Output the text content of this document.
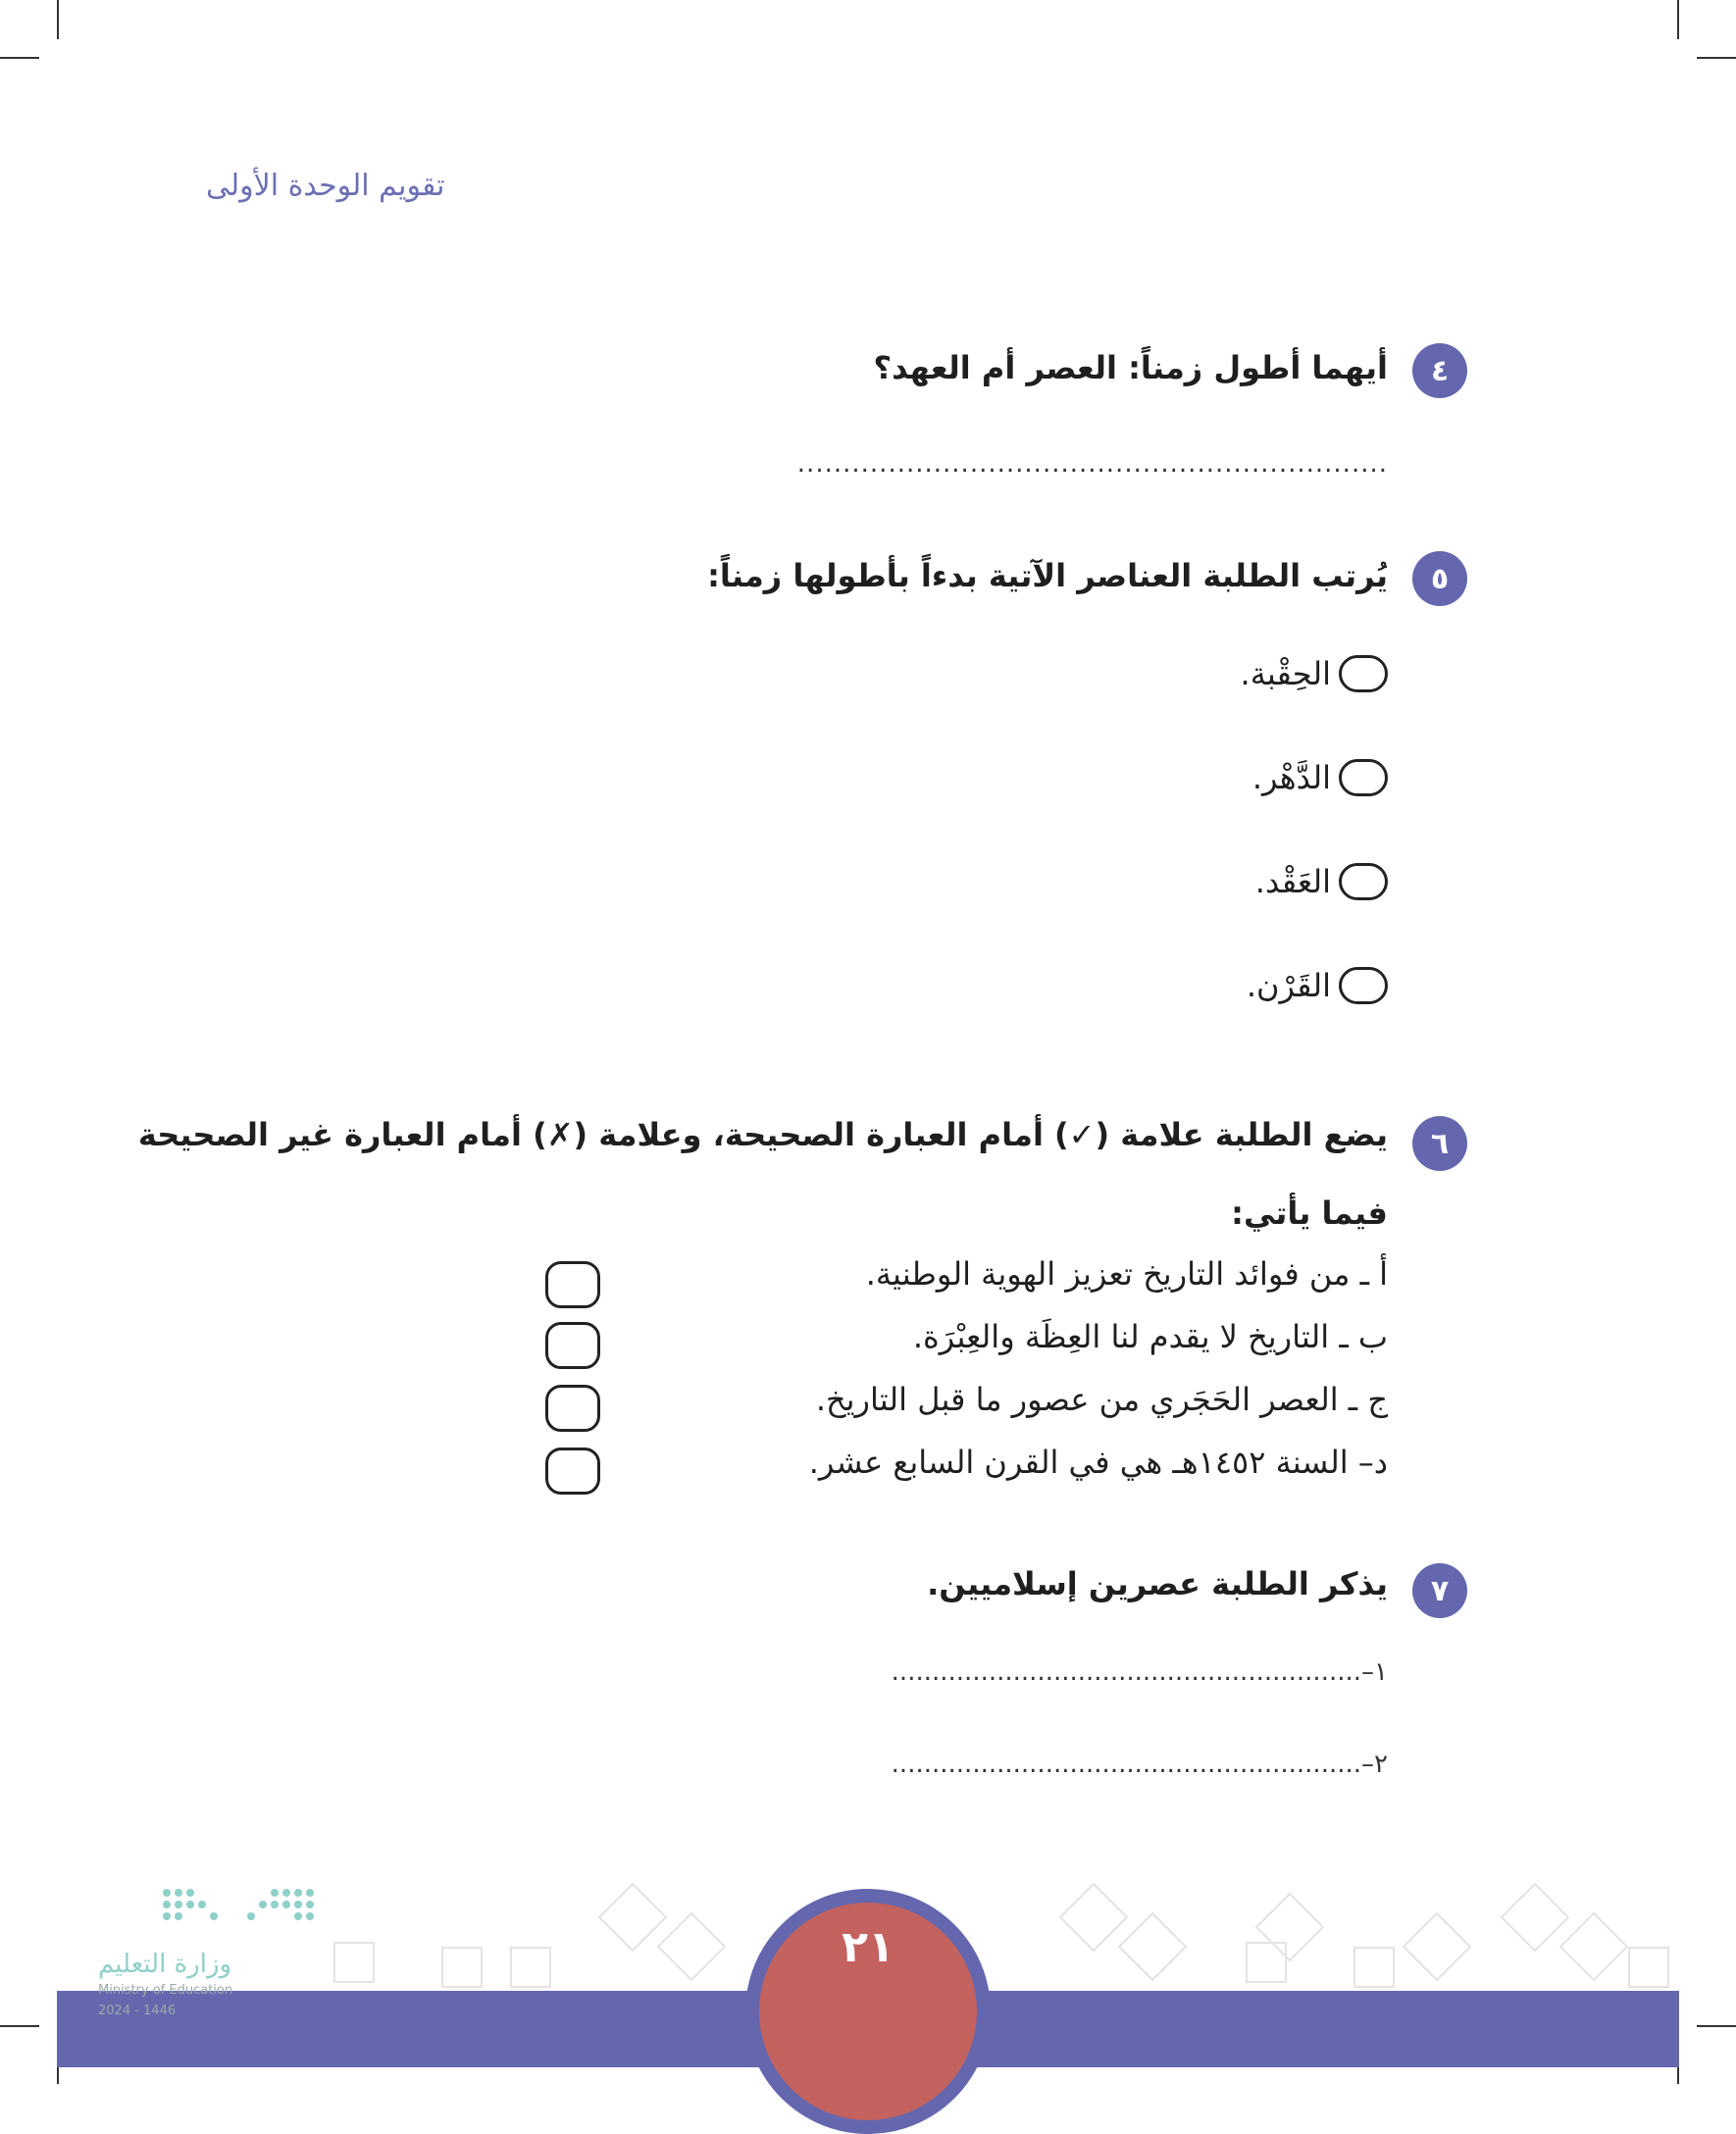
تقويم الوحدة الأولى
٤
أيهما أطول زمناً: العصر أم العهد؟
.................................................................
٥
يُرتب الطلبة العناصر الآتية بدءاً بأطولها زمناً:
الحِقْبة.
الدَّهْر.
العَقْد.
القَرْن.
٦
يضع الطلبة علامة (✓) أمام العبارة الصحيحة، وعلامة (✗) أمام العبارة غير الصحيحة
فيما يأتي:
أ ـ من فوائد التاريخ تعزيز الهوية الوطنية.
ب ـ التاريخ لا يقدم لنا العِظَة والعِبْرَة.
ج ـ العصر الحَجَري من عصور ما قبل التاريخ.
د– السنة ١٤٥٢هـ هي في القرن السابع عشر.
٧
يذكر الطلبة عصرين إسلاميين.
١–..........................................................
٢–..........................................................
٢١
وزارة التعليم
Ministry of Education
2024 - 1446
